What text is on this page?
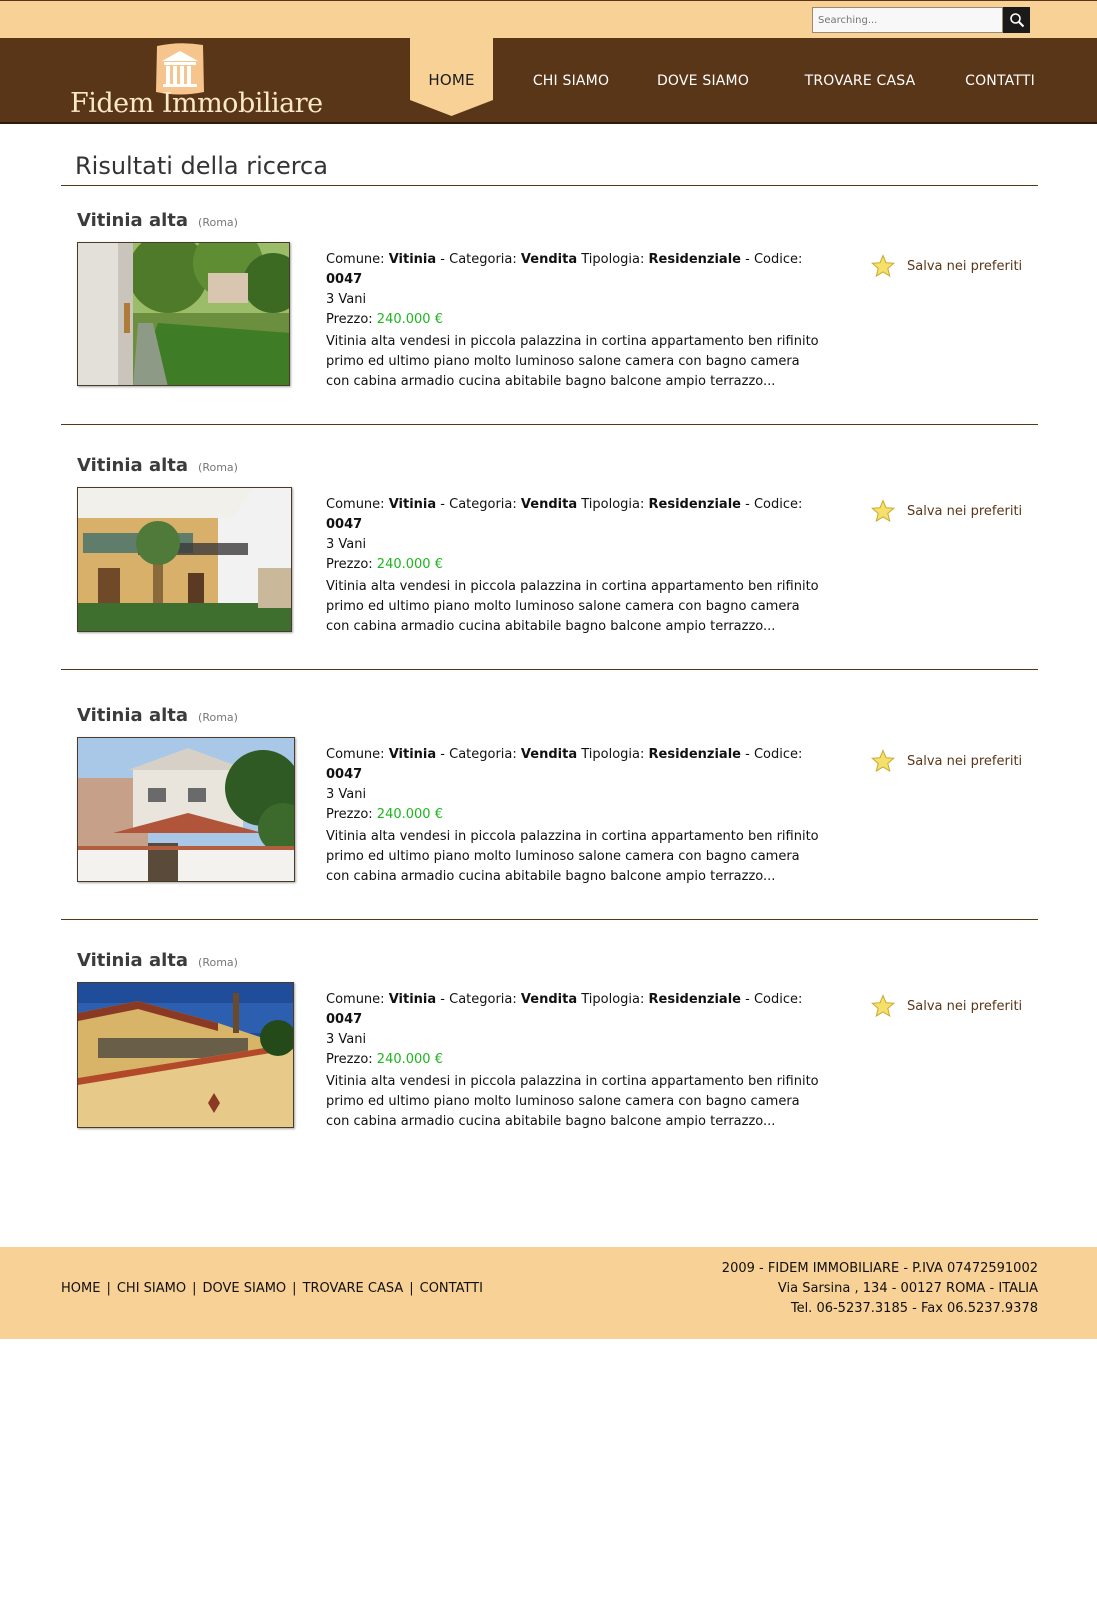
Searching...
Fidem Immobiliare
HOME	CHI SIAMO	DOVE SIAMO	TROVARE CASA	CONTATTI
Risultati della ricerca
Vitinia alta (Roma)
Comune: Vitinia - Categoria: Vendita Tipologia: Residenziale - Codice: 0047
3 Vani
Prezzo: 240.000 €
Vitinia alta vendesi in piccola palazzina in cortina appartamento ben rifinito primo ed ultimo piano molto luminoso salone camera con bagno camera con cabina armadio cucina abitabile bagno balcone ampio terrazzo...
Salva nei preferiti
Vitinia alta (Roma)
Comune: Vitinia - Categoria: Vendita Tipologia: Residenziale - Codice: 0047
3 Vani
Prezzo: 240.000 €
Vitinia alta vendesi in piccola palazzina in cortina appartamento ben rifinito primo ed ultimo piano molto luminoso salone camera con bagno camera con cabina armadio cucina abitabile bagno balcone ampio terrazzo...
Salva nei preferiti
Vitinia alta (Roma)
Comune: Vitinia - Categoria: Vendita Tipologia: Residenziale - Codice: 0047
3 Vani
Prezzo: 240.000 €
Vitinia alta vendesi in piccola palazzina in cortina appartamento ben rifinito primo ed ultimo piano molto luminoso salone camera con bagno camera con cabina armadio cucina abitabile bagno balcone ampio terrazzo...
Salva nei preferiti
Vitinia alta (Roma)
Comune: Vitinia - Categoria: Vendita Tipologia: Residenziale - Codice: 0047
3 Vani
Prezzo: 240.000 €
Vitinia alta vendesi in piccola palazzina in cortina appartamento ben rifinito primo ed ultimo piano molto luminoso salone camera con bagno camera con cabina armadio cucina abitabile bagno balcone ampio terrazzo...
Salva nei preferiti
HOME | CHI SIAMO | DOVE SIAMO | TROVARE CASA | CONTATTI
2009 - FIDEM IMMOBILIARE - P.IVA 07472591002
Via Sarsina , 134 - 00127 ROMA - ITALIA
Tel. 06-5237.3185 - Fax 06.5237.9378
